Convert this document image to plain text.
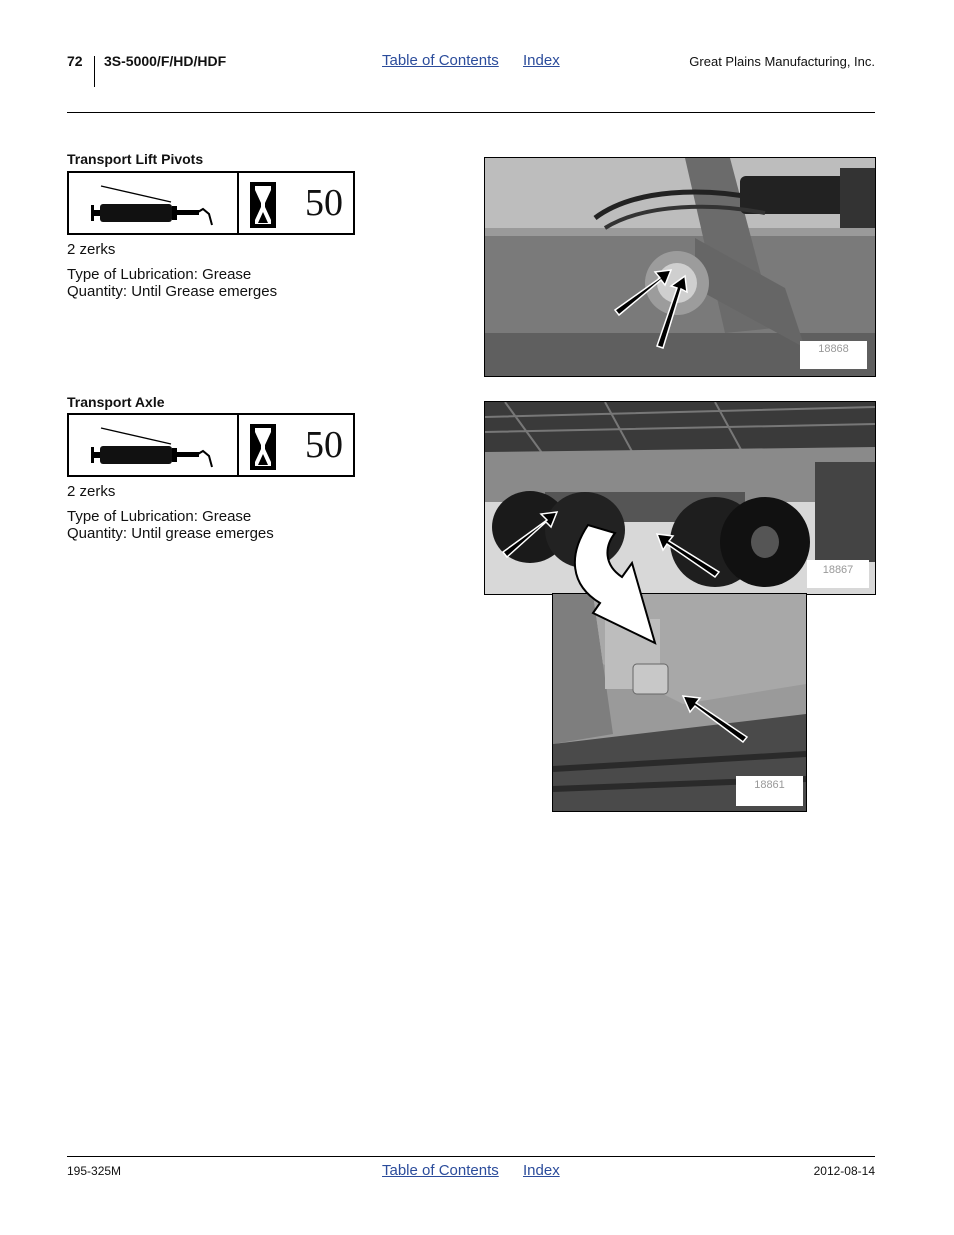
72 3S-5000/F/HD/HDF	Table of Contents Index	Great Plains Manufacturing, Inc.
Transport Lift Pivots
50
2 zerks
Type of Lubrication: Grease
Quantity: Until Grease emerges
18868
Transport Axle
50
2 zerks
Type of Lubrication: Grease
Quantity: Until grease emerges
18867
18861
195-325M	Table of Contents Index	2012-08-14
